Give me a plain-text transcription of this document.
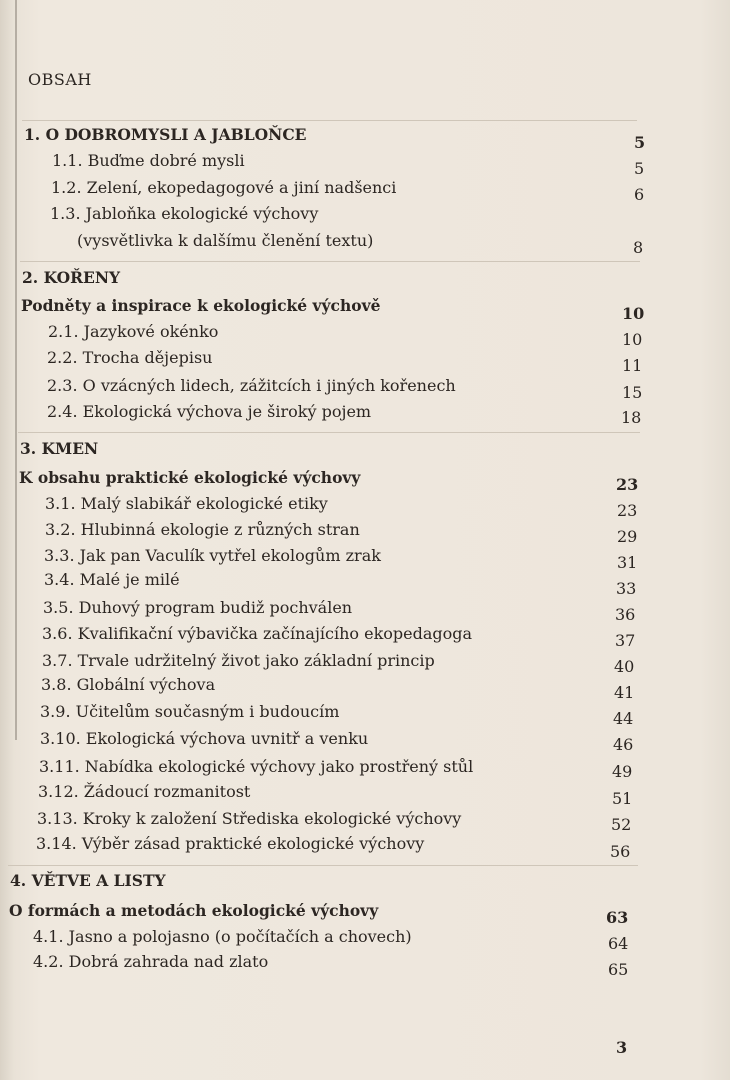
OBSAH
1. O DOBROMYSLI A JABLOŇCE	5
1.1. Buďme dobré mysli	5
1.2. Zelení, ekopedagogové a jiní nadšenci	6
1.3. Jabloňka ekologické výchovy
(vysvětlivka k dalšímu členění textu)	8
2. KOŘENY
Podněty a inspirace k ekologické výchově	10
2.1. Jazykové okénko	10
2.2. Trocha dějepisu	11
2.3. O vzácných lidech, zážitcích i jiných kořenech	15
2.4. Ekologická výchova je široký pojem	18
3. KMEN
K obsahu praktické ekologické výchovy	23
3.1. Malý slabikář ekologické etiky	23
3.2. Hlubinná ekologie z různých stran	29
3.3. Jak pan Vaculík vytřel ekologům zrak	31
3.4. Malé je milé	33
3.5. Duhový program budiž pochválen	36
3.6. Kvalifikační výbavička začínajícího ekopedagoga	37
3.7. Trvale udržitelný život jako základní princip	40
3.8. Globální výchova	41
3.9. Učitelům současným i budoucím	44
3.10. Ekologická výchova uvnitř a venku	46
3.11. Nabídka ekologické výchovy jako prostřený stůl	49
3.12. Žádoucí rozmanitost	51
3.13. Kroky k založení Střediska ekologické výchovy	52
3.14. Výběr zásad praktické ekologické výchovy	56
4. VĚTVE A LISTY
O formách a metodách ekologické výchovy	63
4.1. Jasno a polojasno (o počítačích a chovech)	64
4.2. Dobrá zahrada nad zlato	65
3
